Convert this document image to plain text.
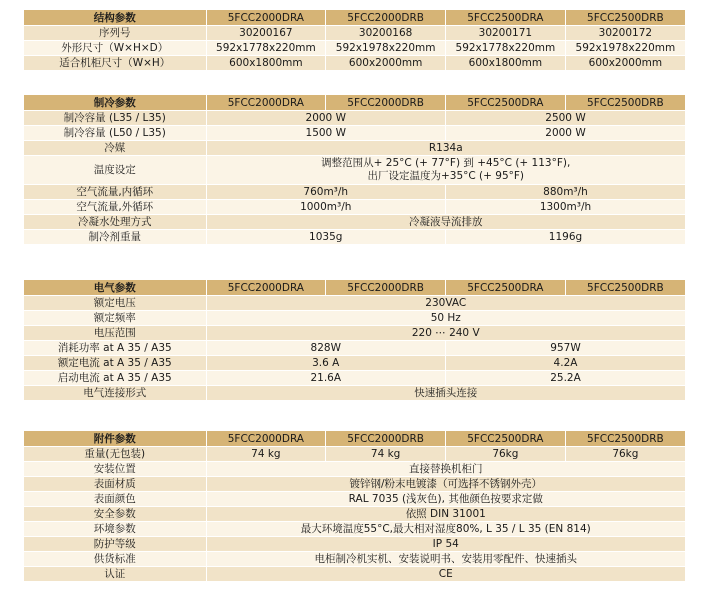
结构参数	5FCC2000DRA	5FCC2000DRB	5FCC2500DRA	5FCC2500DRB
序列号	30200167	30200168	30200171	30200172
外形尺寸（W×H×D）	592x1778x220mm	592x1978x220mm	592x1778x220mm	592x1978x220mm
适合机柜尺寸（W×H）	600x1800mm	600x2000mm	600x1800mm	600x2000mm
制冷参数	5FCC2000DRA	5FCC2000DRB	5FCC2500DRA	5FCC2500DRB
制冷容量 (L35 / L35)	2000 W		2500 W	
制冷容量 (L50 / L35)	1500 W		2000 W	
冷媒	R134a			
温度设定	调整范围从+ 25°C (+ 77°F) 到 +45°C (+ 113°F),
出厂设定温度为+35°C (+ 95°F)			

空气流量,内循环	760m³/h		880m³/h	
空气流量,外循环	1000m³/h		1300m³/h	
冷凝水处理方式	冷凝液导流排放			
制冷剂重量	1035g		1196g	
电气参数	5FCC2000DRA	5FCC2000DRB	5FCC2500DRA	5FCC2500DRB
额定电压	230VAC			
额定频率	50 Hz			
电压范围	220 ⋯ 240 V			
消耗功率 at A 35 / A35	828W		957W	
额定电流 at A 35 / A35	3.6 A		4.2A	
启动电流 at A 35 / A35	21.6A		25.2A	
电气连接形式	快速插头连接			
附件参数	5FCC2000DRA	5FCC2000DRB	5FCC2500DRA	5FCC2500DRB
重量(无包装)	74 kg	74 kg	76kg	76kg
安装位置	直接替换机柜门			
表面材质	镀锌钢/粉末电镀漆（可选择不锈钢外壳）			
表面颜色	RAL 7035 (浅灰色), 其他颜色按要求定做			
安全参数	依照 DIN 31001			
环境参数	最大环境温度55°C,最大相对湿度80%, L 35 / L 35 (EN 814)			
防护等级	IP 54			
供货标准	电柜制冷机实机、安装说明书、安装用零配件、快速插头			
认证	CE			
